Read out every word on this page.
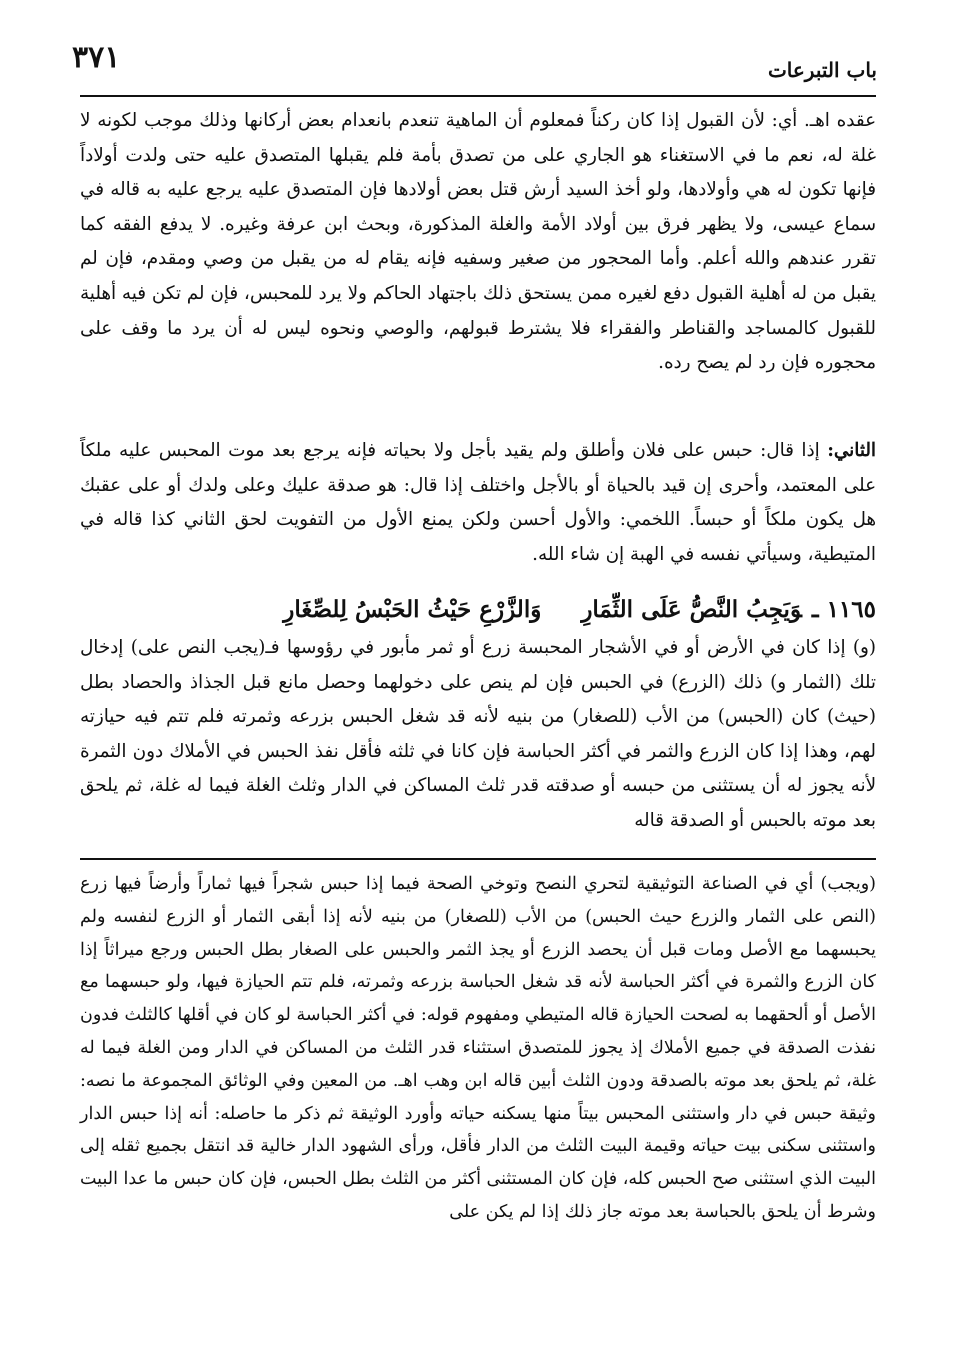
٣٧١	باب التبرعات

عقده اهـ. أي: لأن القبول إذا كان ركناً فمعلوم أن الماهية تنعدم بانعدام بعض أركانها وذلك موجب لكونه لا غلة له، نعم ما في الاستغناء هو الجاري على من تصدق بأمة فلم يقبلها المتصدق عليه حتى ولدت أولاداً فإنها تكون له هي وأولادها، ولو أخذ السيد أرش قتل بعض أولادها فإن المتصدق عليه يرجع عليه به قاله في سماع عيسى، ولا يظهر فرق بين أولاد الأمة والغلة المذكورة، وبحث ابن عرفة وغيره. لا يدفع الفقه كما تقرر عندهم والله أعلم. وأما المحجور من صغير وسفيه فإنه يقام له من يقبل من وصي ومقدم، فإن لم يقبل من له أهلية القبول دفع لغيره ممن يستحق ذلك باجتهاد الحاكم ولا يرد للمحبس، فإن لم تكن فيه أهلية للقبول كالمساجد والقناطر والفقراء فلا يشترط قبولهم، والوصي ونحوه ليس له أن يرد ما وقف على محجوره فإن رد لم يصح رده.

الثاني: إذا قال: حبس على فلان وأطلق ولم يقيد بأجل ولا بحياته فإنه يرجع بعد موت المحبس عليه ملكاً على المعتمد، وأحرى إن قيد بالحياة أو بالأجل واختلف إذا قال: هو صدقة عليك وعلى ولدك أو على عقبك هل يكون ملكاً أو حبساً. اللخمي: والأول أحسن ولكن يمنع الأول من التفويت لحق الثاني كذا قاله في المتيطية، وسيأتي نفسه في الهبة إن شاء الله.

١١٦٥ ـوَيَجِبُ النَّصُّ عَلَى الثِّمَارِوَالزَّرْعِ حَيْثُ الحَبْسُ لِلصِّغَارِ

(و) إذا كان في الأرض أو في الأشجار المحبسة زرع أو ثمر مأبور في رؤوسها فـ(يجب النص على) إدخال تلك (الثمار و) ذلك (الزرع) في الحبس فإن لم ينص على دخولهما وحصل مانع قبل الجذاذ والحصاد بطل (حيث) كان (الحبس) من الأب (للصغار) من بنيه لأنه قد شغل الحبس بزرعه وثمرته فلم تتم فيه حيازته لهم، وهذا إذا كان الزرع والثمر في أكثر الحباسة فإن كانا في ثلثه فأقل نفذ الحبس في الأملاك دون الثمرة لأنه يجوز له أن يستثنى من حبسه أو صدقته قدر ثلث المساكن في الدار وثلث الغلة فيما له غلة، ثم يلحق بعد موته بالحبس أو الصدقة قاله

(ويجب) أي في الصناعة التوثيقية لتحري النصح وتوخي الصحة فيما إذا حبس شجراً فيها ثماراً وأرضاً فيها زرع (النص على الثمار والزرع حيث الحبس) من الأب (للصغار) من بنيه لأنه إذا أبقى الثمار أو الزرع لنفسه ولم يحبسهما مع الأصل ومات قبل أن يحصد الزرع أو يجذ الثمر والحبس على الصغار بطل الحبس ورجع ميراثاً إذا كان الزرع والثمرة في أكثر الحباسة لأنه قد شغل الحباسة بزرعه وثمرته، فلم تتم الحيازة فيها، ولو حبسهما مع الأصل أو ألحقهما به لصحت الحيازة قاله المتيطي ومفهوم قوله: في أكثر الحباسة لو كان في أقلها كالثلث فدون نفذت الصدقة في جميع الأملاك إذ يجوز للمتصدق استثناء قدر الثلث من المساكن في الدار ومن الغلة فيما له غلة، ثم يلحق بعد موته بالصدقة ودون الثلث أبين قاله ابن وهب اهـ. من المعين وفي الوثائق المجموعة ما نصه: وثيقة حبس في دار واستثنى المحبس بيتاً منها يسكنه حياته وأورد الوثيقة ثم ذكر ما حاصله: أنه إذا حبس الدار واستثنى سكنى بيت حياته وقيمة البيت الثلث من الدار فأقل، ورأى الشهود الدار خالية قد انتقل بجميع ثقله إلى البيت الذي استثنى صح الحبس كله، فإن كان المستثنى أكثر من الثلث بطل الحبس، فإن كان حبس ما عدا البيت وشرط أن يلحق بالحباسة بعد موته جاز ذلك إذا لم يكن على
